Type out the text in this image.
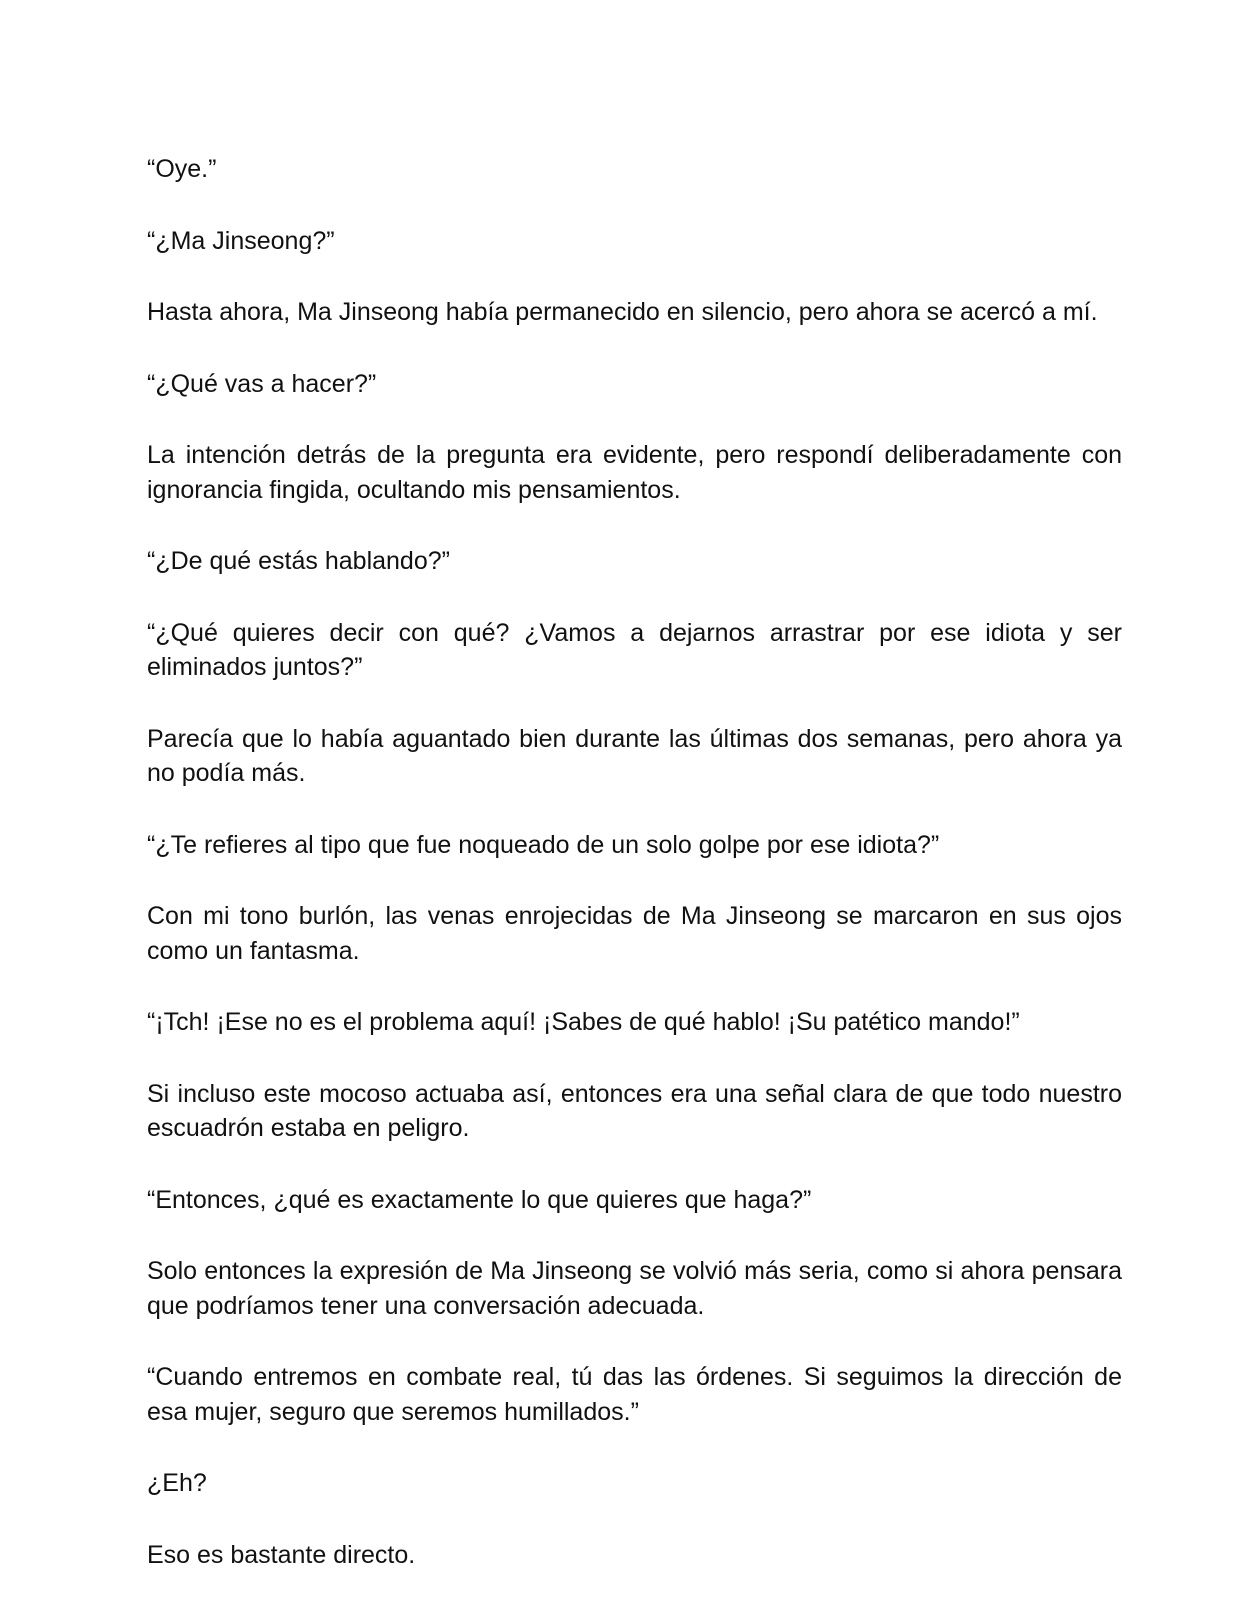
“Oye.”

“¿Ma Jinseong?”

Hasta ahora, Ma Jinseong había permanecido en silencio, pero ahora se acercó a mí.

“¿Qué vas a hacer?”

La intención detrás de la pregunta era evidente, pero respondí deliberadamente con ignorancia fingida, ocultando mis pensamientos.

“¿De qué estás hablando?”

“¿Qué quieres decir con qué? ¿Vamos a dejarnos arrastrar por ese idiota y ser eliminados juntos?”

Parecía que lo había aguantado bien durante las últimas dos semanas, pero ahora ya no podía más.

“¿Te refieres al tipo que fue noqueado de un solo golpe por ese idiota?”

Con mi tono burlón, las venas enrojecidas de Ma Jinseong se marcaron en sus ojos como un fantasma.

“¡Tch! ¡Ese no es el problema aquí! ¡Sabes de qué hablo! ¡Su patético mando!”

Si incluso este mocoso actuaba así, entonces era una señal clara de que todo nuestro escuadrón estaba en peligro.

“Entonces, ¿qué es exactamente lo que quieres que haga?”

Solo entonces la expresión de Ma Jinseong se volvió más seria, como si ahora pensara que podríamos tener una conversación adecuada.

“Cuando entremos en combate real, tú das las órdenes. Si seguimos la dirección de esa mujer, seguro que seremos humillados.”

¿Eh?

Eso es bastante directo.
